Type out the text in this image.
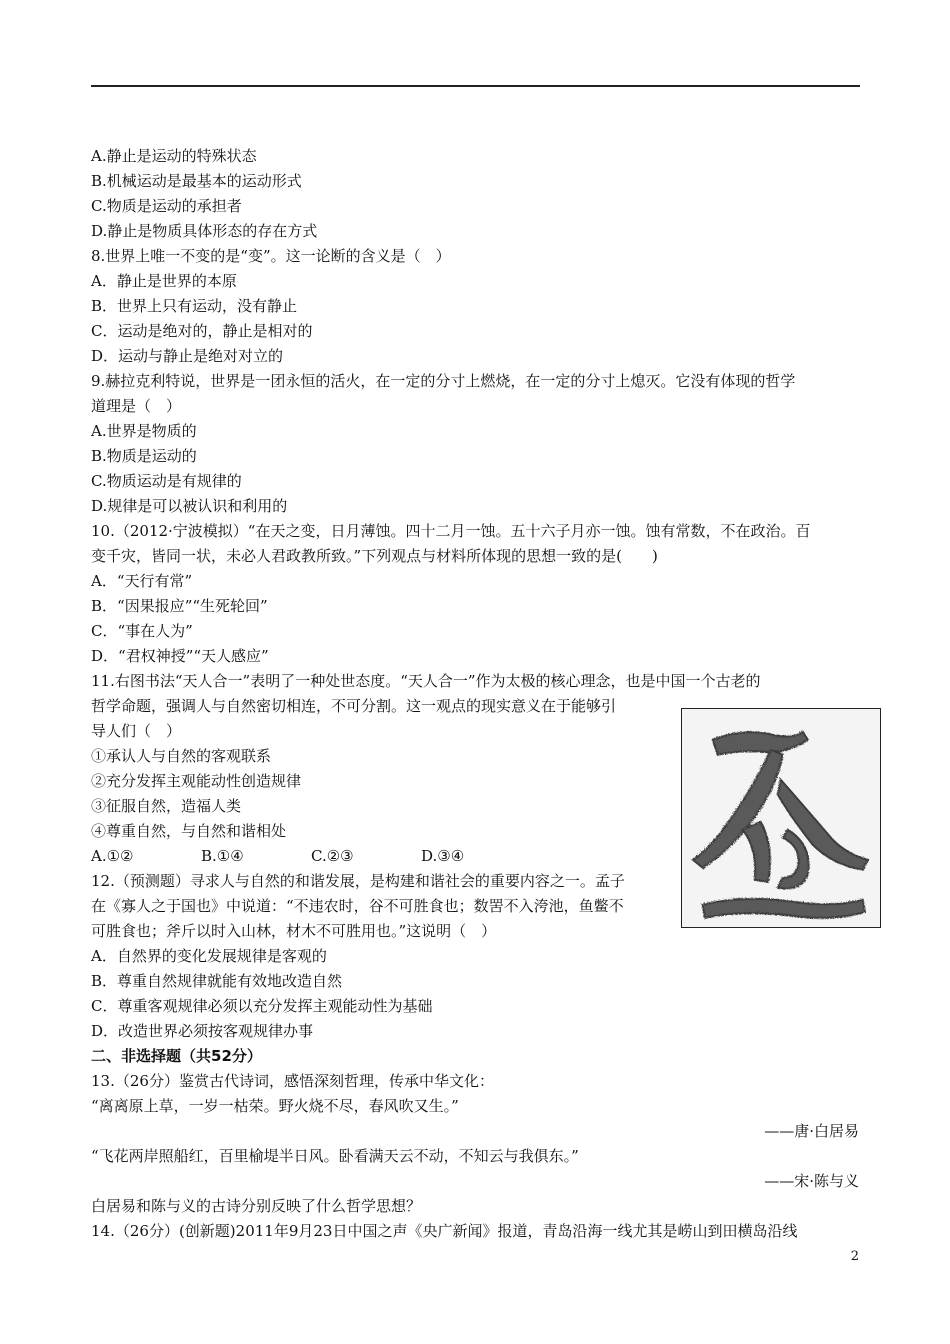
A.静止是运动的特殊状态
B.机械运动是最基本的运动形式
C.物质是运动的承担者
D.静止是物质具体形态的存在方式
8.世界上唯一不变的是“变”。这一论断的含义是（　）
A．静止是世界的本原
B．世界上只有运动，没有静止
C．运动是绝对的，静止是相对的
D．运动与静止是绝对对立的
9.赫拉克利特说，世界是一团永恒的活火，在一定的分寸上燃烧，在一定的分寸上熄灭。它没有体现的哲学
道理是（　）
A.世界是物质的
B.物质是运动的
C.物质运动是有规律的
D.规律是可以被认识和利用的
10.（2012·宁波模拟）“在天之变，日月薄蚀。四十二月一蚀。五十六子月亦一蚀。蚀有常数，不在政治。百
变千灾，皆同一状，未必人君政教所致。”下列观点与材料所体现的思想一致的是(　　)
A．“天行有常”
B．“因果报应”“生死轮回”
C．“事在人为”
D．“君权神授”“天人感应”
11.右图书法“天人合一”表明了一种处世态度。“天人合一”作为太极的核心理念，也是中国一个古老的
哲学命题，强调人与自然密切相连，不可分割。这一观点的现实意义在于能够引
导人们（　）
①承认人与自然的客观联系
②充分发挥主观能动性创造规律
③征服自然，造福人类
④尊重自然，与自然和谐相处
A.①②	B.①④	C.②③	D.③④
12.（预测题）寻求人与自然的和谐发展，是构建和谐社会的重要内容之一。孟子
在《寡人之于国也》中说道：“不违农时，谷不可胜食也；数罟不入洿池，鱼鳖不
可胜食也；斧斤以时入山林，材木不可胜用也。”这说明（　）
A．自然界的变化发展规律是客观的
B．尊重自然规律就能有效地改造自然
C．尊重客观规律必须以充分发挥主观能动性为基础
D．改造世界必须按客观规律办事
二、非选择题（共52分）
13.（26分）鉴赏古代诗词，感悟深刻哲理，传承中华文化：
“离离原上草，一岁一枯荣。野火烧不尽，春风吹又生。”
——唐·白居易
“飞花两岸照船红，百里榆堤半日风。卧看满天云不动，不知云与我俱东。”
——宋·陈与义
白居易和陈与义的古诗分别反映了什么哲学思想？
14.（26分）(创新题)2011年9月23日中国之声《央广新闻》报道，青岛沿海一线尤其是崂山到田横岛沿线
2
